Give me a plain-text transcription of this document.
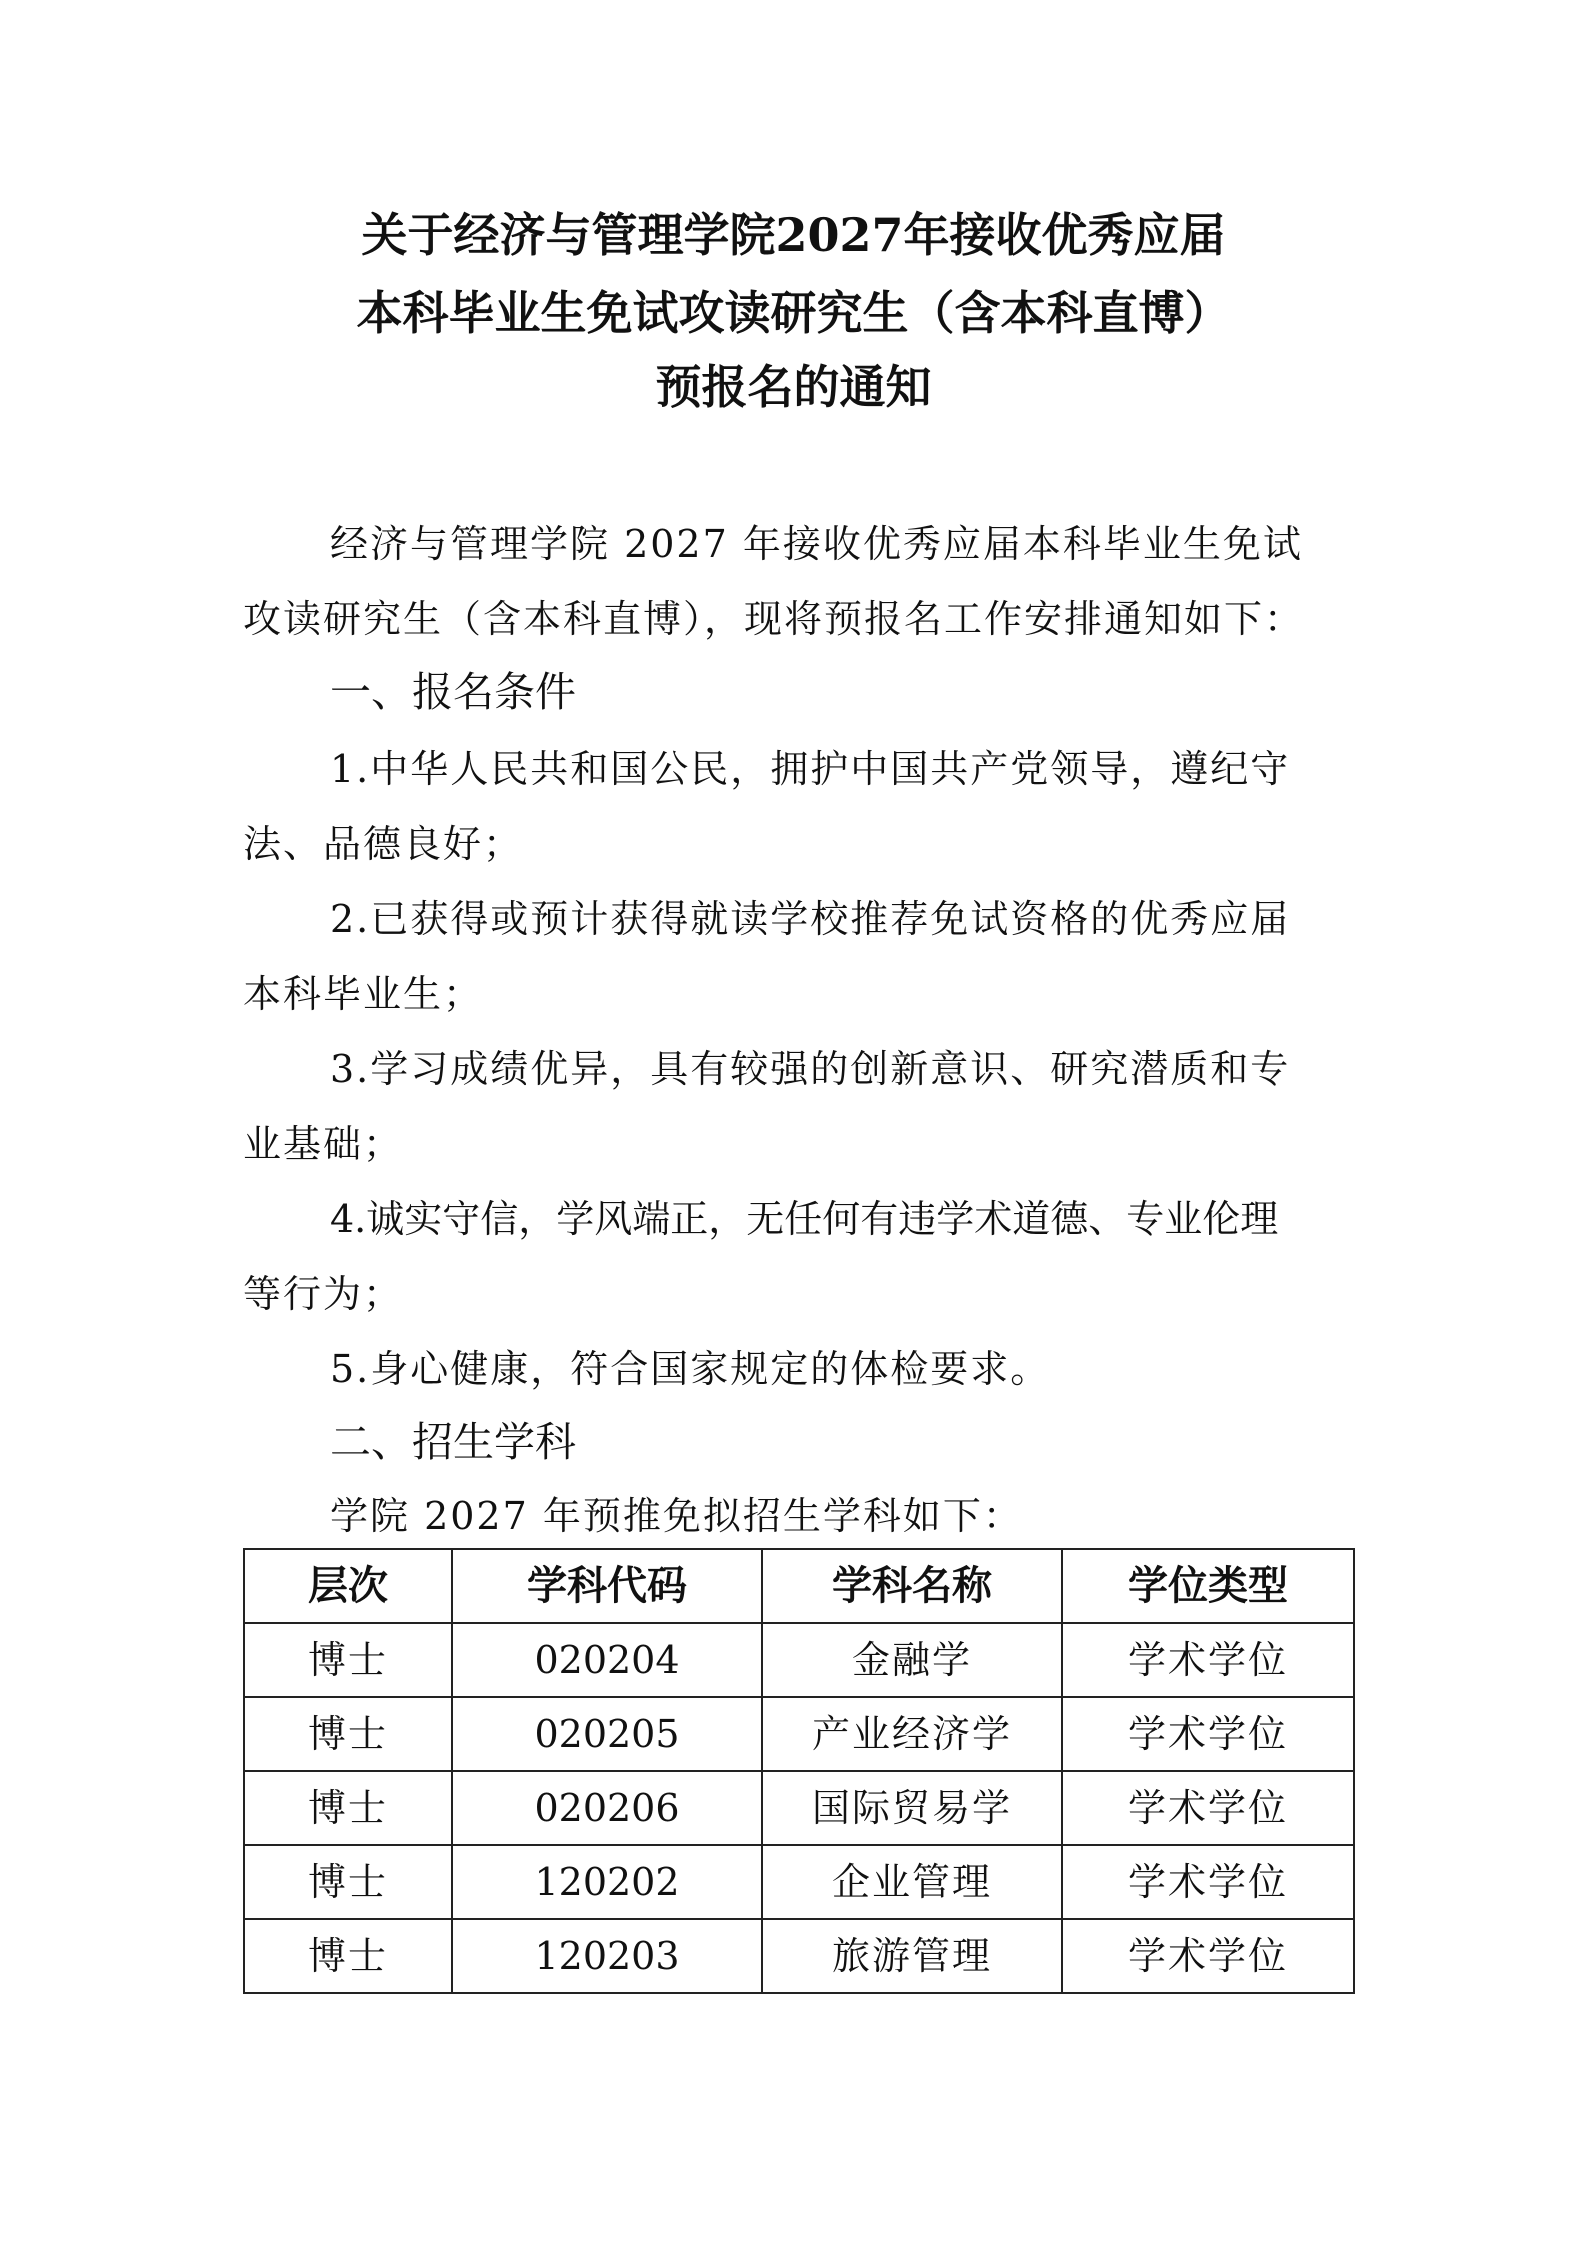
关于经济与管理学院2027年接收优秀应届
本科毕业生免试攻读研究生（含本科直博）
预报名的通知
经济与管理学院 2027 年接收优秀应届本科毕业生免试
攻读研究生（含本科直博），现将预报名工作安排通知如下：
一、报名条件
1.中华人民共和国公民，拥护中国共产党领导，遵纪守
法、品德良好；
2.已获得或预计获得就读学校推荐免试资格的优秀应届
本科毕业生；
3.学习成绩优异，具有较强的创新意识、研究潜质和专
业基础；
4.诚实守信，学风端正，无任何有违学术道德、专业伦理
等行为；
5.身心健康，符合国家规定的体检要求。
二、招生学科
学院 2027 年预推免拟招生学科如下：
层次	学科代码	学科名称	学位类型
博士	020204	金融学	学术学位
博士	020205	产业经济学	学术学位
博士	020206	国际贸易学	学术学位
博士	120202	企业管理	学术学位
博士	120203	旅游管理	学术学位
